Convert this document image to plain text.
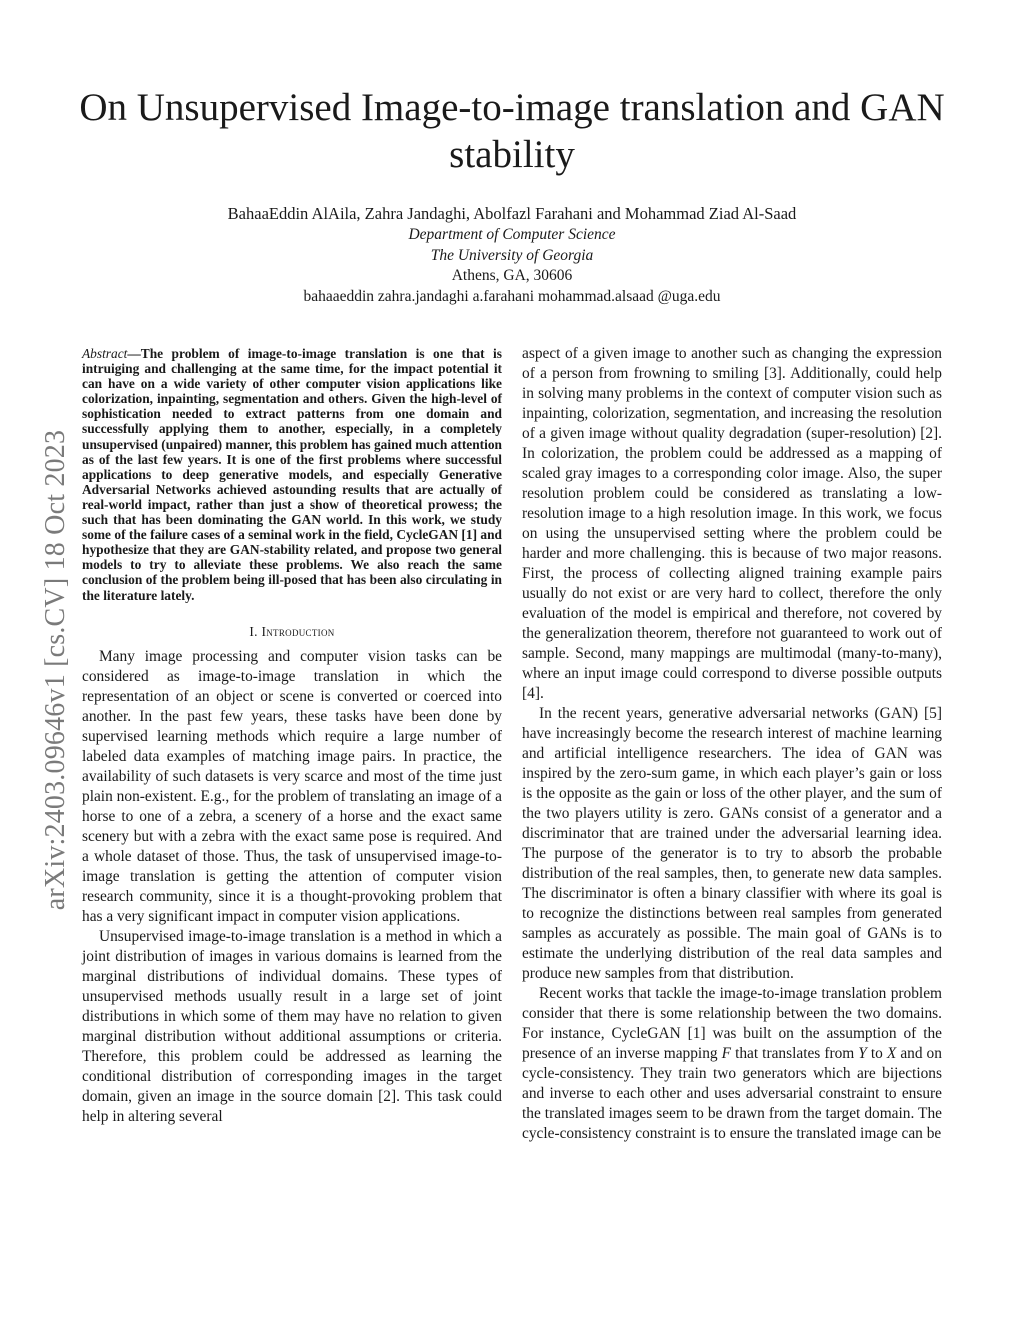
On Unsupervised Image-to-image translation and GAN stability
BahaaEddin AlAila, Zahra Jandaghi, Abolfazl Farahani and Mohammad Ziad Al-Saad
Department of Computer Science
The University of Georgia
Athens, GA, 30606
bahaaeddin zahra.jandaghi a.farahani mohammad.alsaad @uga.edu
arXiv:2403.09646v1 [cs.CV] 18 Oct 2023

Abstract—The problem of image-to-image translation is one that is intruiging and challenging at the same time, for the impact potential it can have on a wide variety of other computer vision applications like colorization, inpainting, segmentation and others. Given the high-level of sophistication needed to extract patterns from one domain and successfully applying them to another, especially, in a completely unsupervised (unpaired) manner, this problem has gained much attention as of the last few years. It is one of the first problems where successful applications to deep generative models, and especially Generative Adversarial Networks achieved astounding results that are actually of real-world impact, rather than just a show of theoretical prowess; the such that has been dominating the GAN world. In this work, we study some of the failure cases of a seminal work in the field, CycleGAN [1] and hypothesize that they are GAN-stability related, and propose two general models to try to alleviate these problems. We also reach the same conclusion of the problem being ill-posed that has been also circulating in the literature lately.

I. Introduction

Many image processing and computer vision tasks can be considered as image-to-image translation in which the representation of an object or scene is converted or coerced into another. In the past few years, these tasks have been done by supervised learning methods which require a large number of labeled data examples of matching image pairs. In practice, the availability of such datasets is very scarce and most of the time just plain non-existent. E.g., for the problem of translating an image of a horse to one of a zebra, a scenery of a horse and the exact same scenery but with a zebra with the exact same pose is required. And a whole dataset of those. Thus, the task of unsupervised image-to-image translation is getting the attention of computer vision research community, since it is a thought-provoking problem that has a very significant impact in computer vision applications.

Unsupervised image-to-image translation is a method in which a joint distribution of images in various domains is learned from the marginal distributions of individual domains. These types of unsupervised methods usually result in a large set of joint distributions in which some of them may have no relation to given marginal distribution without additional assumptions or criteria. Therefore, this problem could be addressed as learning the conditional distribution of corresponding images in the target domain, given an image in the source domain [2]. This task could help in altering several

aspect of a given image to another such as changing the expression of a person from frowning to smiling [3]. Additionally, could help in solving many problems in the context of computer vision such as inpainting, colorization, segmentation, and increasing the resolution of a given image without quality degradation (super-resolution) [2]. In colorization, the problem could be addressed as a mapping of scaled gray images to a corresponding color image. Also, the super resolution problem could be considered as translating a low-resolution image to a high resolution image. In this work, we focus on using the unsupervised setting where the problem could be harder and more challenging. this is because of two major reasons. First, the process of collecting aligned training example pairs usually do not exist or are very hard to collect, therefore the only evaluation of the model is empirical and therefore, not covered by the generalization theorem, therefore not guaranteed to work out of sample. Second, many mappings are multimodal (many-to-many), where an input image could correspond to diverse possible outputs [4].

In the recent years, generative adversarial networks (GAN) [5] have increasingly become the research interest of machine learning and artificial intelligence researchers. The idea of GAN was inspired by the zero-sum game, in which each player’s gain or loss is the opposite as the gain or loss of the other player, and the sum of the two players utility is zero. GANs consist of a generator and a discriminator that are trained under the adversarial learning idea. The purpose of the generator is to try to absorb the probable distribution of the real samples, then, to generate new data samples. The discriminator is often a binary classifier with where its goal is to recognize the distinctions between real samples from generated samples as accurately as possible. The main goal of GANs is to estimate the underlying distribution of the real data samples and produce new samples from that distribution.

Recent works that tackle the image-to-image translation problem consider that there is some relationship between the two domains. For instance, CycleGAN [1] was built on the assumption of the presence of an inverse mapping F that translates from Y to X and on cycle-consistency. They train two generators which are bijections and inverse to each other and uses adversarial constraint to ensure the translated images seem to be drawn from the target domain. The cycle-consistency constraint is to ensure the translated image can be
